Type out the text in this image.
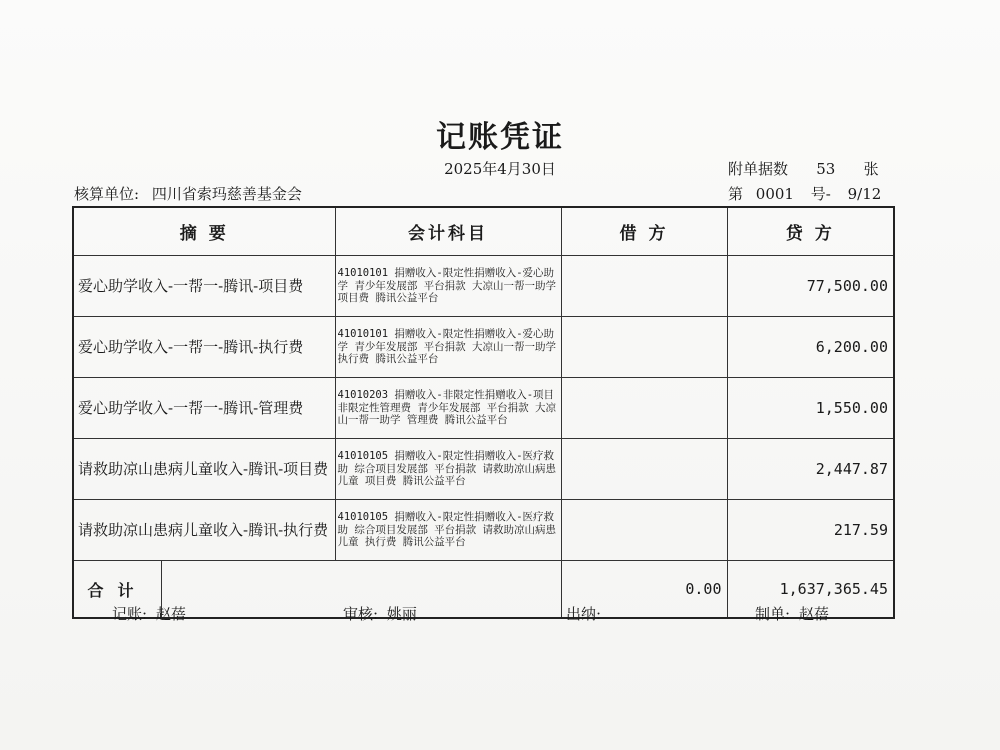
记账凭证
2025年4月30日	附单据数 53 张
核算单位: 四川省索玛慈善基金会	第 0001 号- 9/12
摘 要	会计科目	借 方	贷 方
爱心助学收入-一帮一-腾讯-项目费	41010101 捐赠收入-限定性捐赠收入-爱心助学 青少年发展部 平台捐款 大凉山一帮一助学 项目费 腾讯公益平台		77,500.00
爱心助学收入-一帮一-腾讯-执行费	41010101 捐赠收入-限定性捐赠收入-爱心助学 青少年发展部 平台捐款 大凉山一帮一助学 执行费 腾讯公益平台		6,200.00
爱心助学收入-一帮一-腾讯-管理费	41010203 捐赠收入-非限定性捐赠收入-项目非限定性管理费 青少年发展部 平台捐款 大凉山一帮一助学 管理费 腾讯公益平台		1,550.00
请救助凉山患病儿童收入-腾讯-项目费	41010105 捐赠收入-限定性捐赠收入-医疗救助 综合项目发展部 平台捐款 请救助凉山病患儿童 项目费 腾讯公益平台		2,447.87
请救助凉山患病儿童收入-腾讯-执行费	41010105 捐赠收入-限定性捐赠收入-医疗救助 综合项目发展部 平台捐款 请救助凉山病患儿童 执行费 腾讯公益平台		217.59

合计		0.00	1,637,365.45
记账: 赵蓓	审核: 姚丽	出纳:	制单: 赵蓓
